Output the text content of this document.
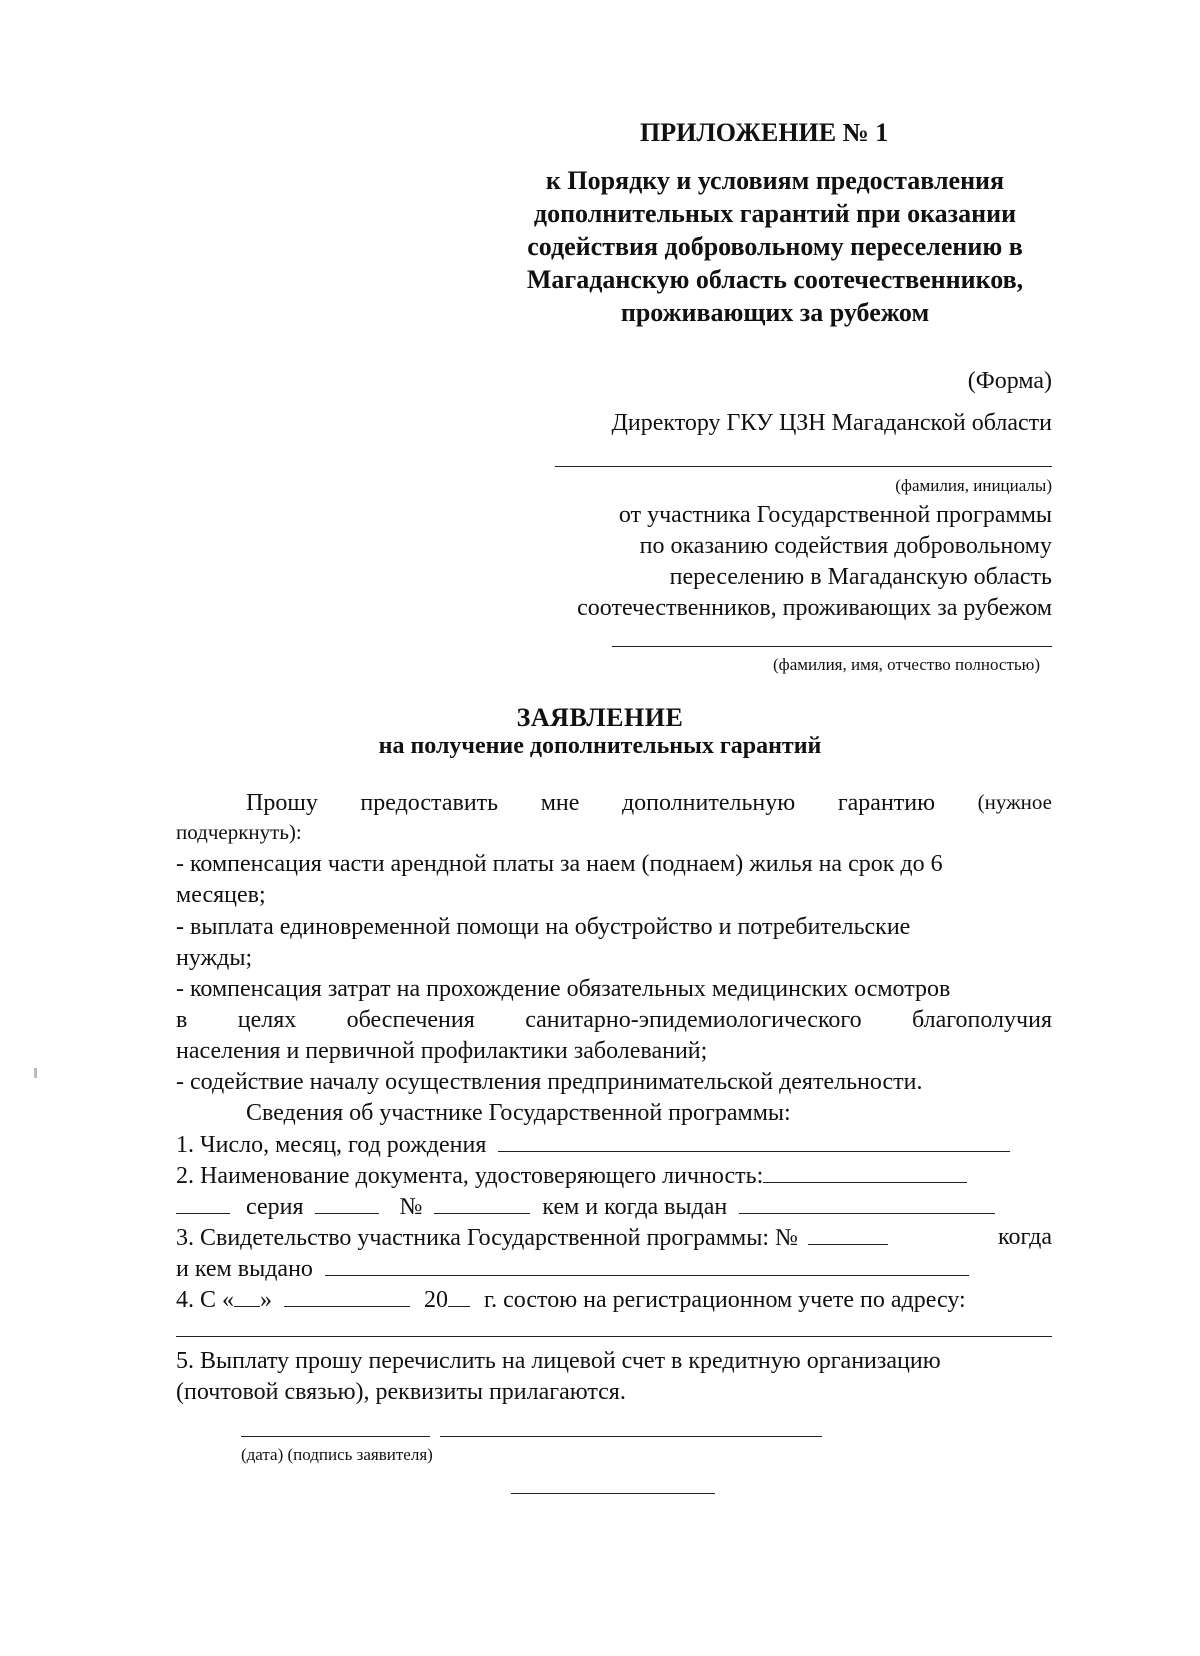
ПРИЛОЖЕНИЕ № 1
к Порядку и условиям предоставления
дополнительных гарантий при оказании
содействия добровольному переселению в
Магаданскую область соотечественников,
проживающих за рубежом
(Форма)
Директору ГКУ ЦЗН Магаданской области
(фамилия, инициалы)
от участника Государственной программы
по оказанию содействия добровольному
переселению в Магаданскую область
соотечественников, проживающих за рубежом
(фамилия, имя, отчество полностью)
ЗАЯВЛЕНИЕ
на получение дополнительных гарантий
Прошу предоставить мне дополнительную гарантию (нужное
подчеркнуть):
- компенсация части арендной платы за наем (поднаем) жилья на срок до 6
месяцев;
- выплата единовременной помощи на обустройство и потребительские
нужды;
- компенсация затрат на прохождение обязательных медицинских осмотров
в целях обеспечения санитарно-эпидемиологического благополучия
населения и первичной профилактики заболеваний;
- содействие началу осуществления предпринимательской деятельности.
Сведения об участнике Государственной программы:
1. Число, месяц, год рождения
2. Наименование документа, удостоверяющего личность:
серия	№	кем и когда выдан
3. Свидетельство участника Государственной программы: №	когда
и кем выдано
4. С « »	20 г. состою на регистрационном учете по адресу:
5. Выплату прошу перечислить на лицевой счет в кредитную организацию
(почтовой связью), реквизиты прилагаются.
(дата) (подпись заявителя)
